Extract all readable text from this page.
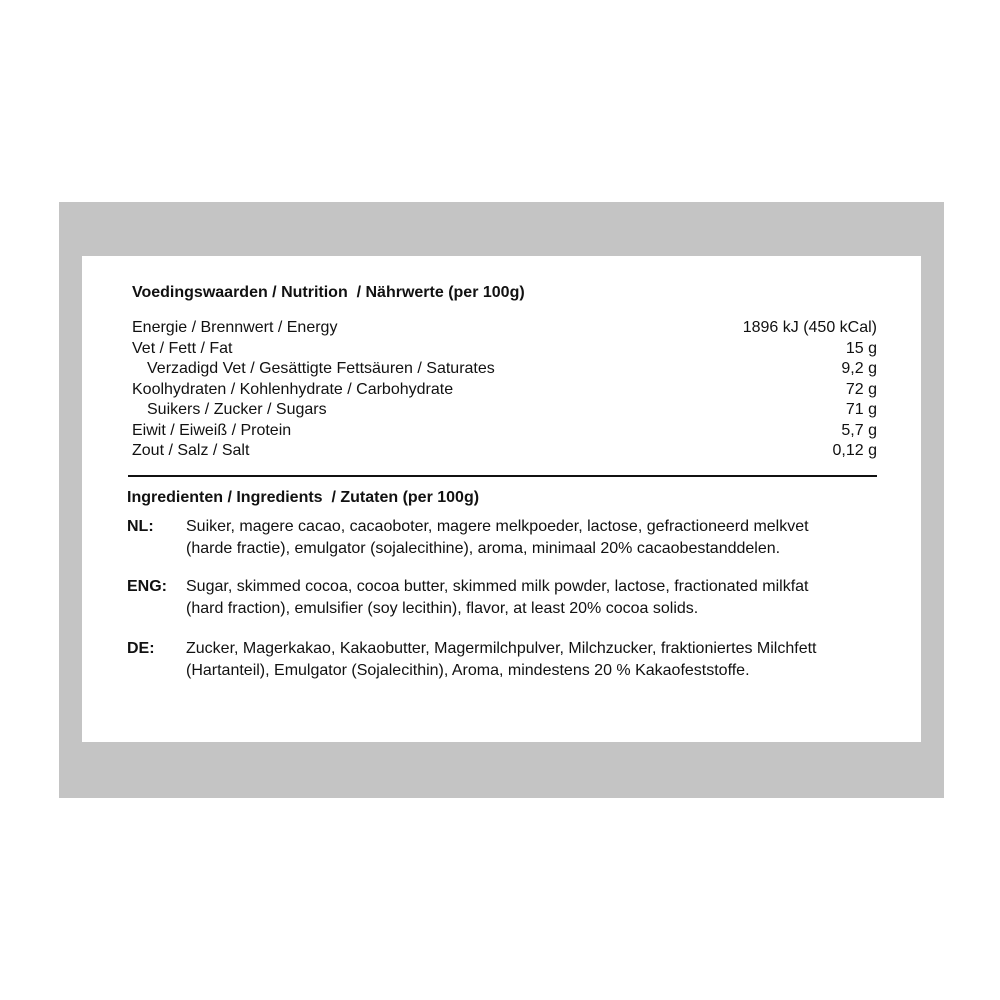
Voedingswaarden / Nutrition  / Nährwerte (per 100g)
Energie / Brennwert / Energy	1896 kJ (450 kCal)
Vet / Fett / Fat	15 g
Verzadigd Vet / Gesättigte Fettsäuren / Saturates	9,2 g
Koolhydraten / Kohlenhydrate / Carbohydrate	72 g
Suikers / Zucker / Sugars	71 g
Eiwit / Eiweiß / Protein	5,7 g
Zout / Salz / Salt	0,12 g
Ingredienten / Ingredients  / Zutaten (per 100g)
NL: Suiker, magere cacao, cacaoboter, magere melkpoeder, lactose, gefractioneerd melkvet
(harde fractie), emulgator (sojalecithine), aroma, minimaal 20% cacaobestanddelen.
ENG: Sugar, skimmed cocoa, cocoa butter, skimmed milk powder, lactose, fractionated milkfat
(hard fraction), emulsifier (soy lecithin), flavor, at least 20% cocoa solids.
DE: Zucker, Magerkakao, Kakaobutter, Magermilchpulver, Milchzucker, fraktioniertes Milchfett
(Hartanteil), Emulgator (Sojalecithin), Aroma, mindestens 20 % Kakaofeststoffe.
